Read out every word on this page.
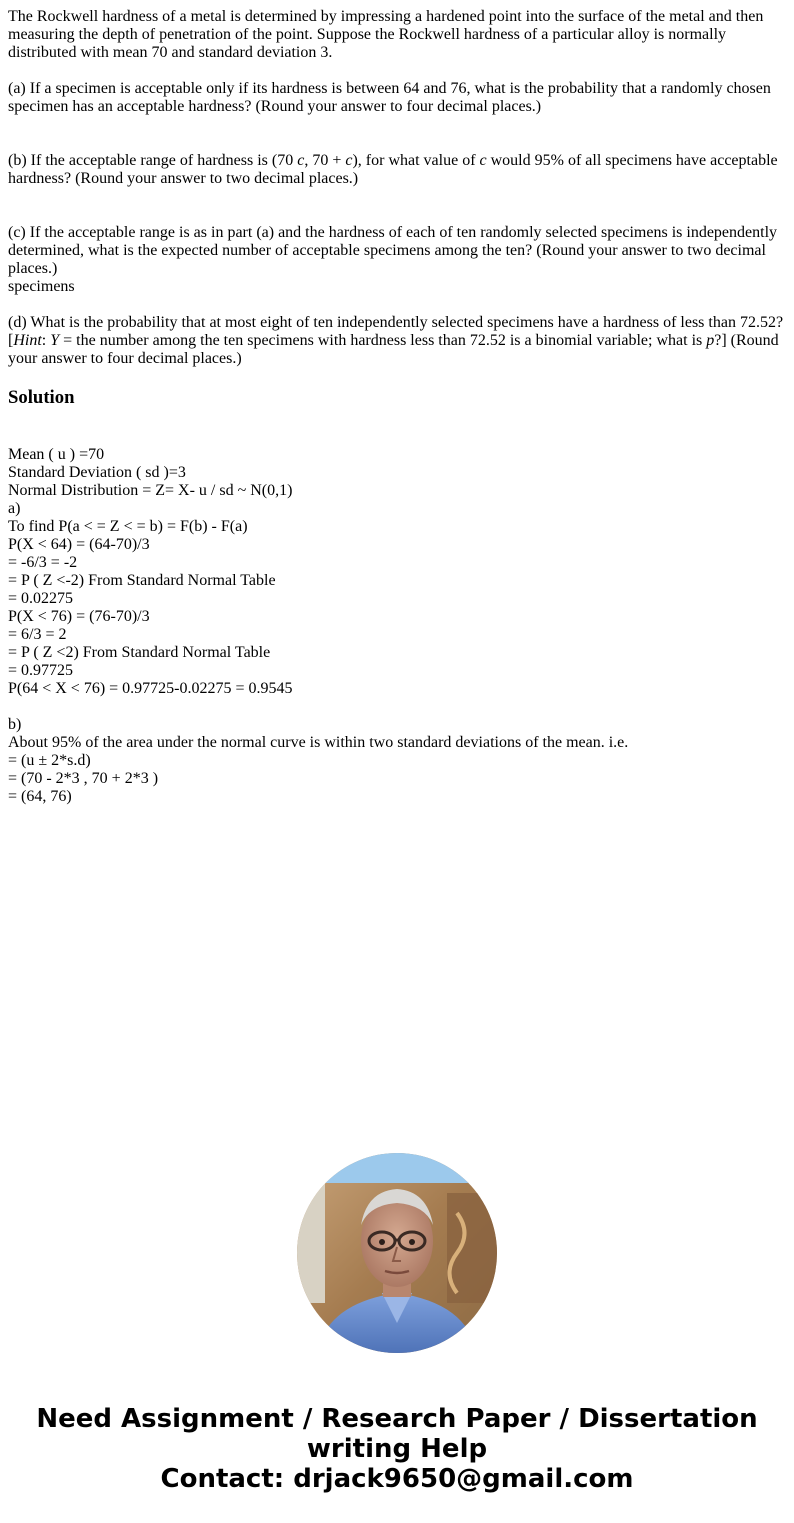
The Rockwell hardness of a metal is determined by impressing a hardened point into the surface of the metal and then measuring the depth of penetration of the point. Suppose the Rockwell hardness of a particular alloy is normally distributed with mean 70 and standard deviation 3.

(a) If a specimen is acceptable only if its hardness is between 64 and 76, what is the probability that a randomly chosen specimen has an acceptable hardness? (Round your answer to four decimal places.)

(b) If the acceptable range of hardness is (70 c, 70 + c), for what value of c would 95% of all specimens have acceptable hardness? (Round your answer to two decimal places.)

(c) If the acceptable range is as in part (a) and the hardness of each of ten randomly selected specimens is independently determined, what is the expected number of acceptable specimens among the ten? (Round your answer to two decimal places.)

specimens

(d) What is the probability that at most eight of ten independently selected specimens have a hardness of less than 72.52? [Hint: Y = the number among the ten specimens with hardness less than 72.52 is a binomial variable; what is p?] (Round your answer to four decimal places.)

Solution
Mean ( u ) =70
Standard Deviation ( sd )=3
Normal Distribution = Z= X- u / sd ~ N(0,1)
a)
To find P(a < = Z < = b) = F(b) - F(a)
P(X < 64) = (64-70)/3
= -6/3 = -2
= P ( Z <-2) From Standard Normal Table
= 0.02275
P(X < 76) = (76-70)/3
= 6/3 = 2
= P ( Z <2) From Standard Normal Table
= 0.97725
P(64 < X < 76) = 0.97725-0.02275 = 0.9545
b)
About 95% of the area under the normal curve is within two standard deviations of the mean. i.e.
= (u ± 2*s.d)
= (70 - 2*3 , 70 + 2*3 )
= (64, 76)
Need Assignment / Research Paper / Dissertation
writing Help
Contact: drjack9650@gmail.com
